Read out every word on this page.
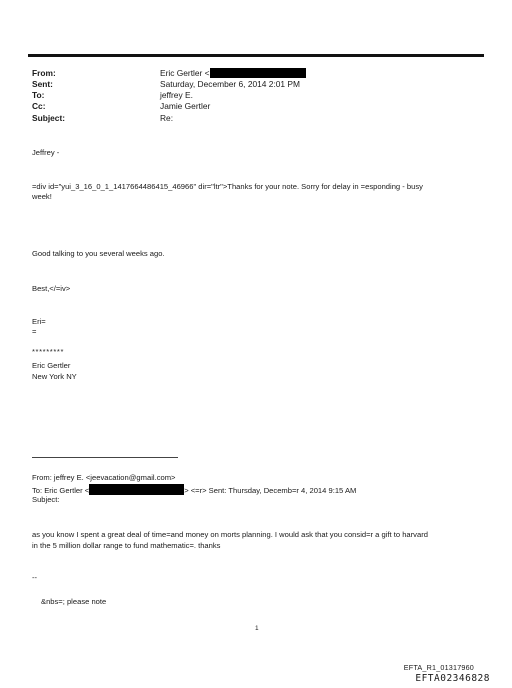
From:	Eric Gertler <
Sent:	Saturday, December 6, 2014 2:01 PM
To:	jeffrey E.
Cc:	Jamie Gertler
Subject:	Re:
Jeffrey -
=div id="yui_3_16_0_1_1417664486415_46966" dir="ltr">Thanks for your note. Sorry for delay in =esponding - busy
week!
Good talking to you several weeks ago.
Best,</=iv>
Eri=
=
*********
Eric Gertler
New York NY
From: jeffrey E. <jeevacation@gmail.com>
To: Eric Gertler <	> <=r> Sent: Thursday, Decemb=r 4, 2014 9:15 AM
Subject:
as you know I spent a great deal of time=and money on morts planning. I would ask that you consid=r a gift to harvard
in the 5 million dollar range to fund mathematic=. thanks
--
&nbs=; please note
1
EFTA_R1_01317960
EFTA02346828
